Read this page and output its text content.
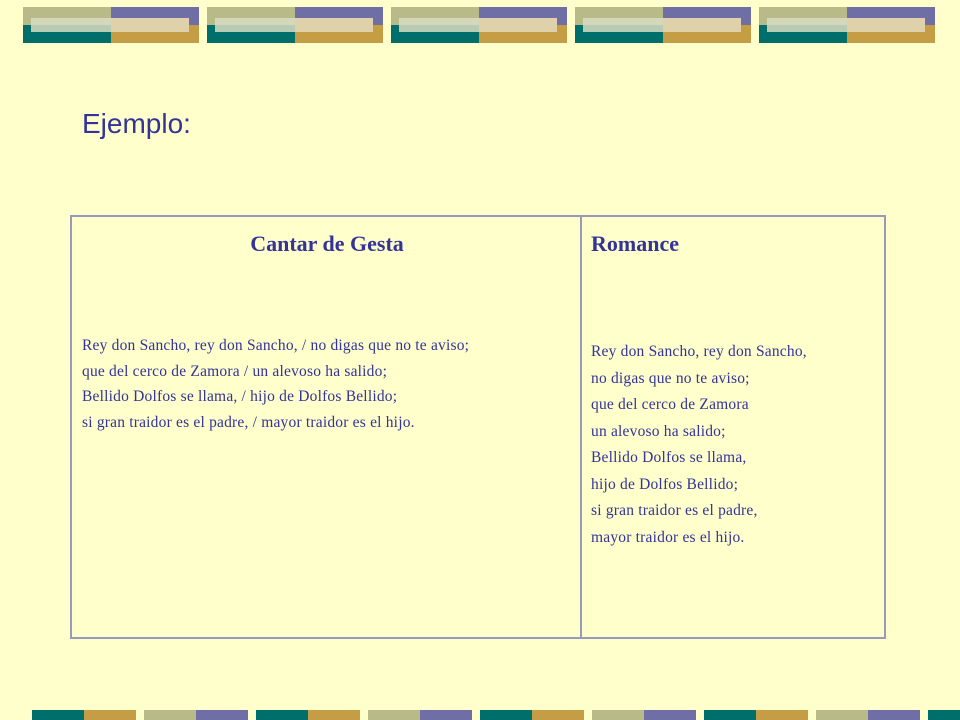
Ejemplo:
Cantar de Gesta
Rey don Sancho, rey don Sancho, / no digas que no te aviso;
que del cerco de Zamora / un alevoso ha salido;
Bellido Dolfos se llama, / hijo de Dolfos Bellido;
si gran traidor es el padre, / mayor traidor es el hijo.
Romance
Rey don Sancho, rey don Sancho,
no digas que no te aviso;
que del cerco de Zamora
un alevoso ha salido;
Bellido Dolfos se llama,
hijo de Dolfos Bellido;
si gran traidor es el padre,
mayor traidor es el hijo.
